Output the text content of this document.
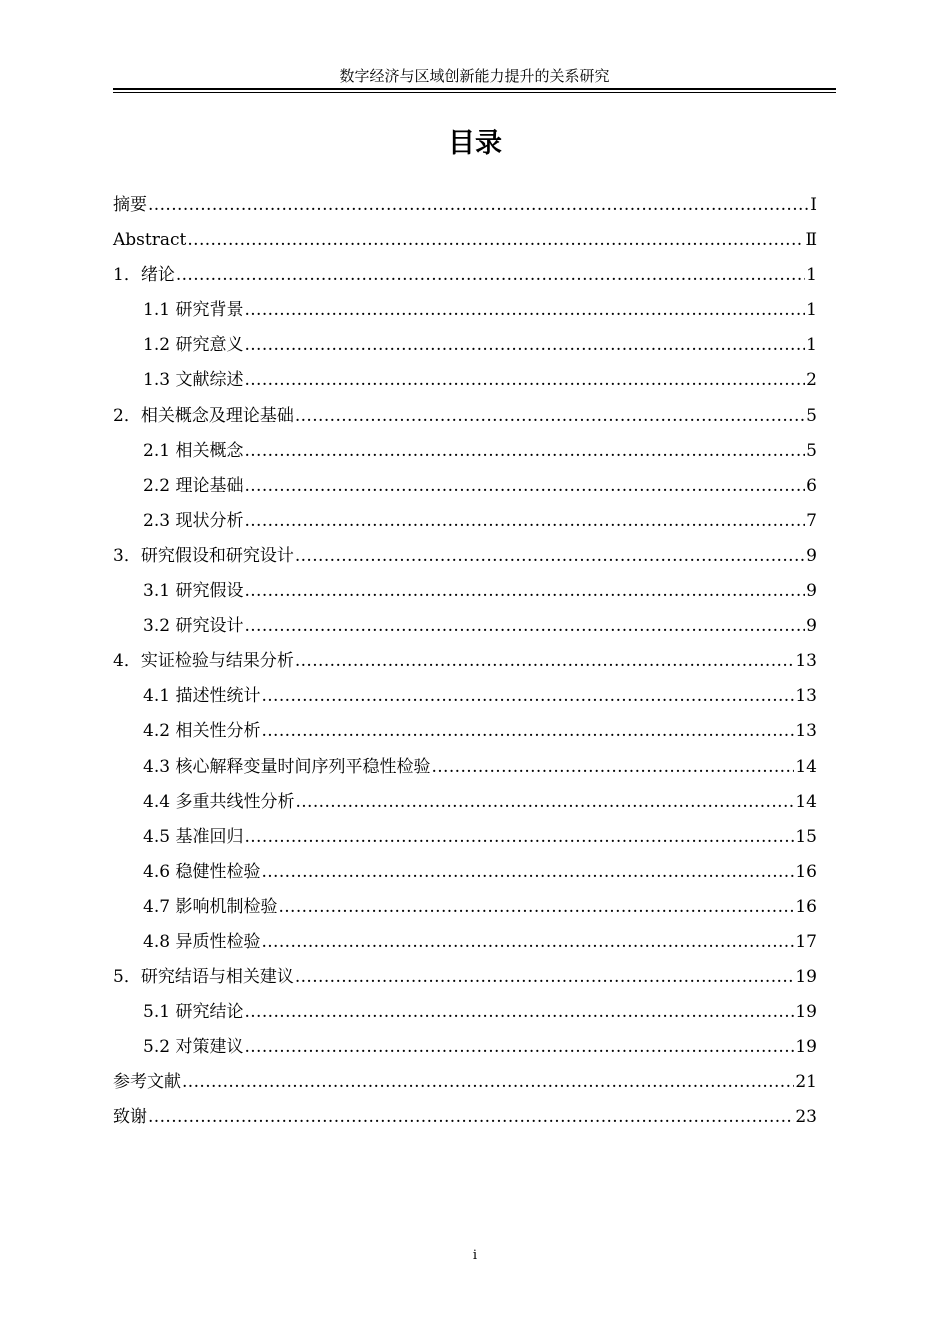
数字经济与区域创新能力提升的关系研究
目录
摘要 .....	Ⅰ
Abstract .....	Ⅱ
1．绪论 .....	1
1.1 研究背景 .....	1
1.2 研究意义 .....	1
1.3 文献综述 .....	2
2．相关概念及理论基础 .....	5
2.1 相关概念 .....	5
2.2 理论基础 .....	6
2.3 现状分析 .....	7
3．研究假设和研究设计 .....	9
3.1 研究假设 .....	9
3.2 研究设计 .....	9
4．实证检验与结果分析 .....	13
4.1 描述性统计 .....	13
4.2 相关性分析 .....	13
4.3 核心解释变量时间序列平稳性检验 .....	14
4.4 多重共线性分析 .....	14
4.5 基准回归 .....	15
4.6 稳健性检验 .....	16
4.7 影响机制检验 .....	16
4.8 异质性检验 .....	17
5．研究结语与相关建议 .....	19
5.1 研究结论 .....	19
5.2 对策建议 .....	19
参考文献 .....	21
致谢 .....	23
i
